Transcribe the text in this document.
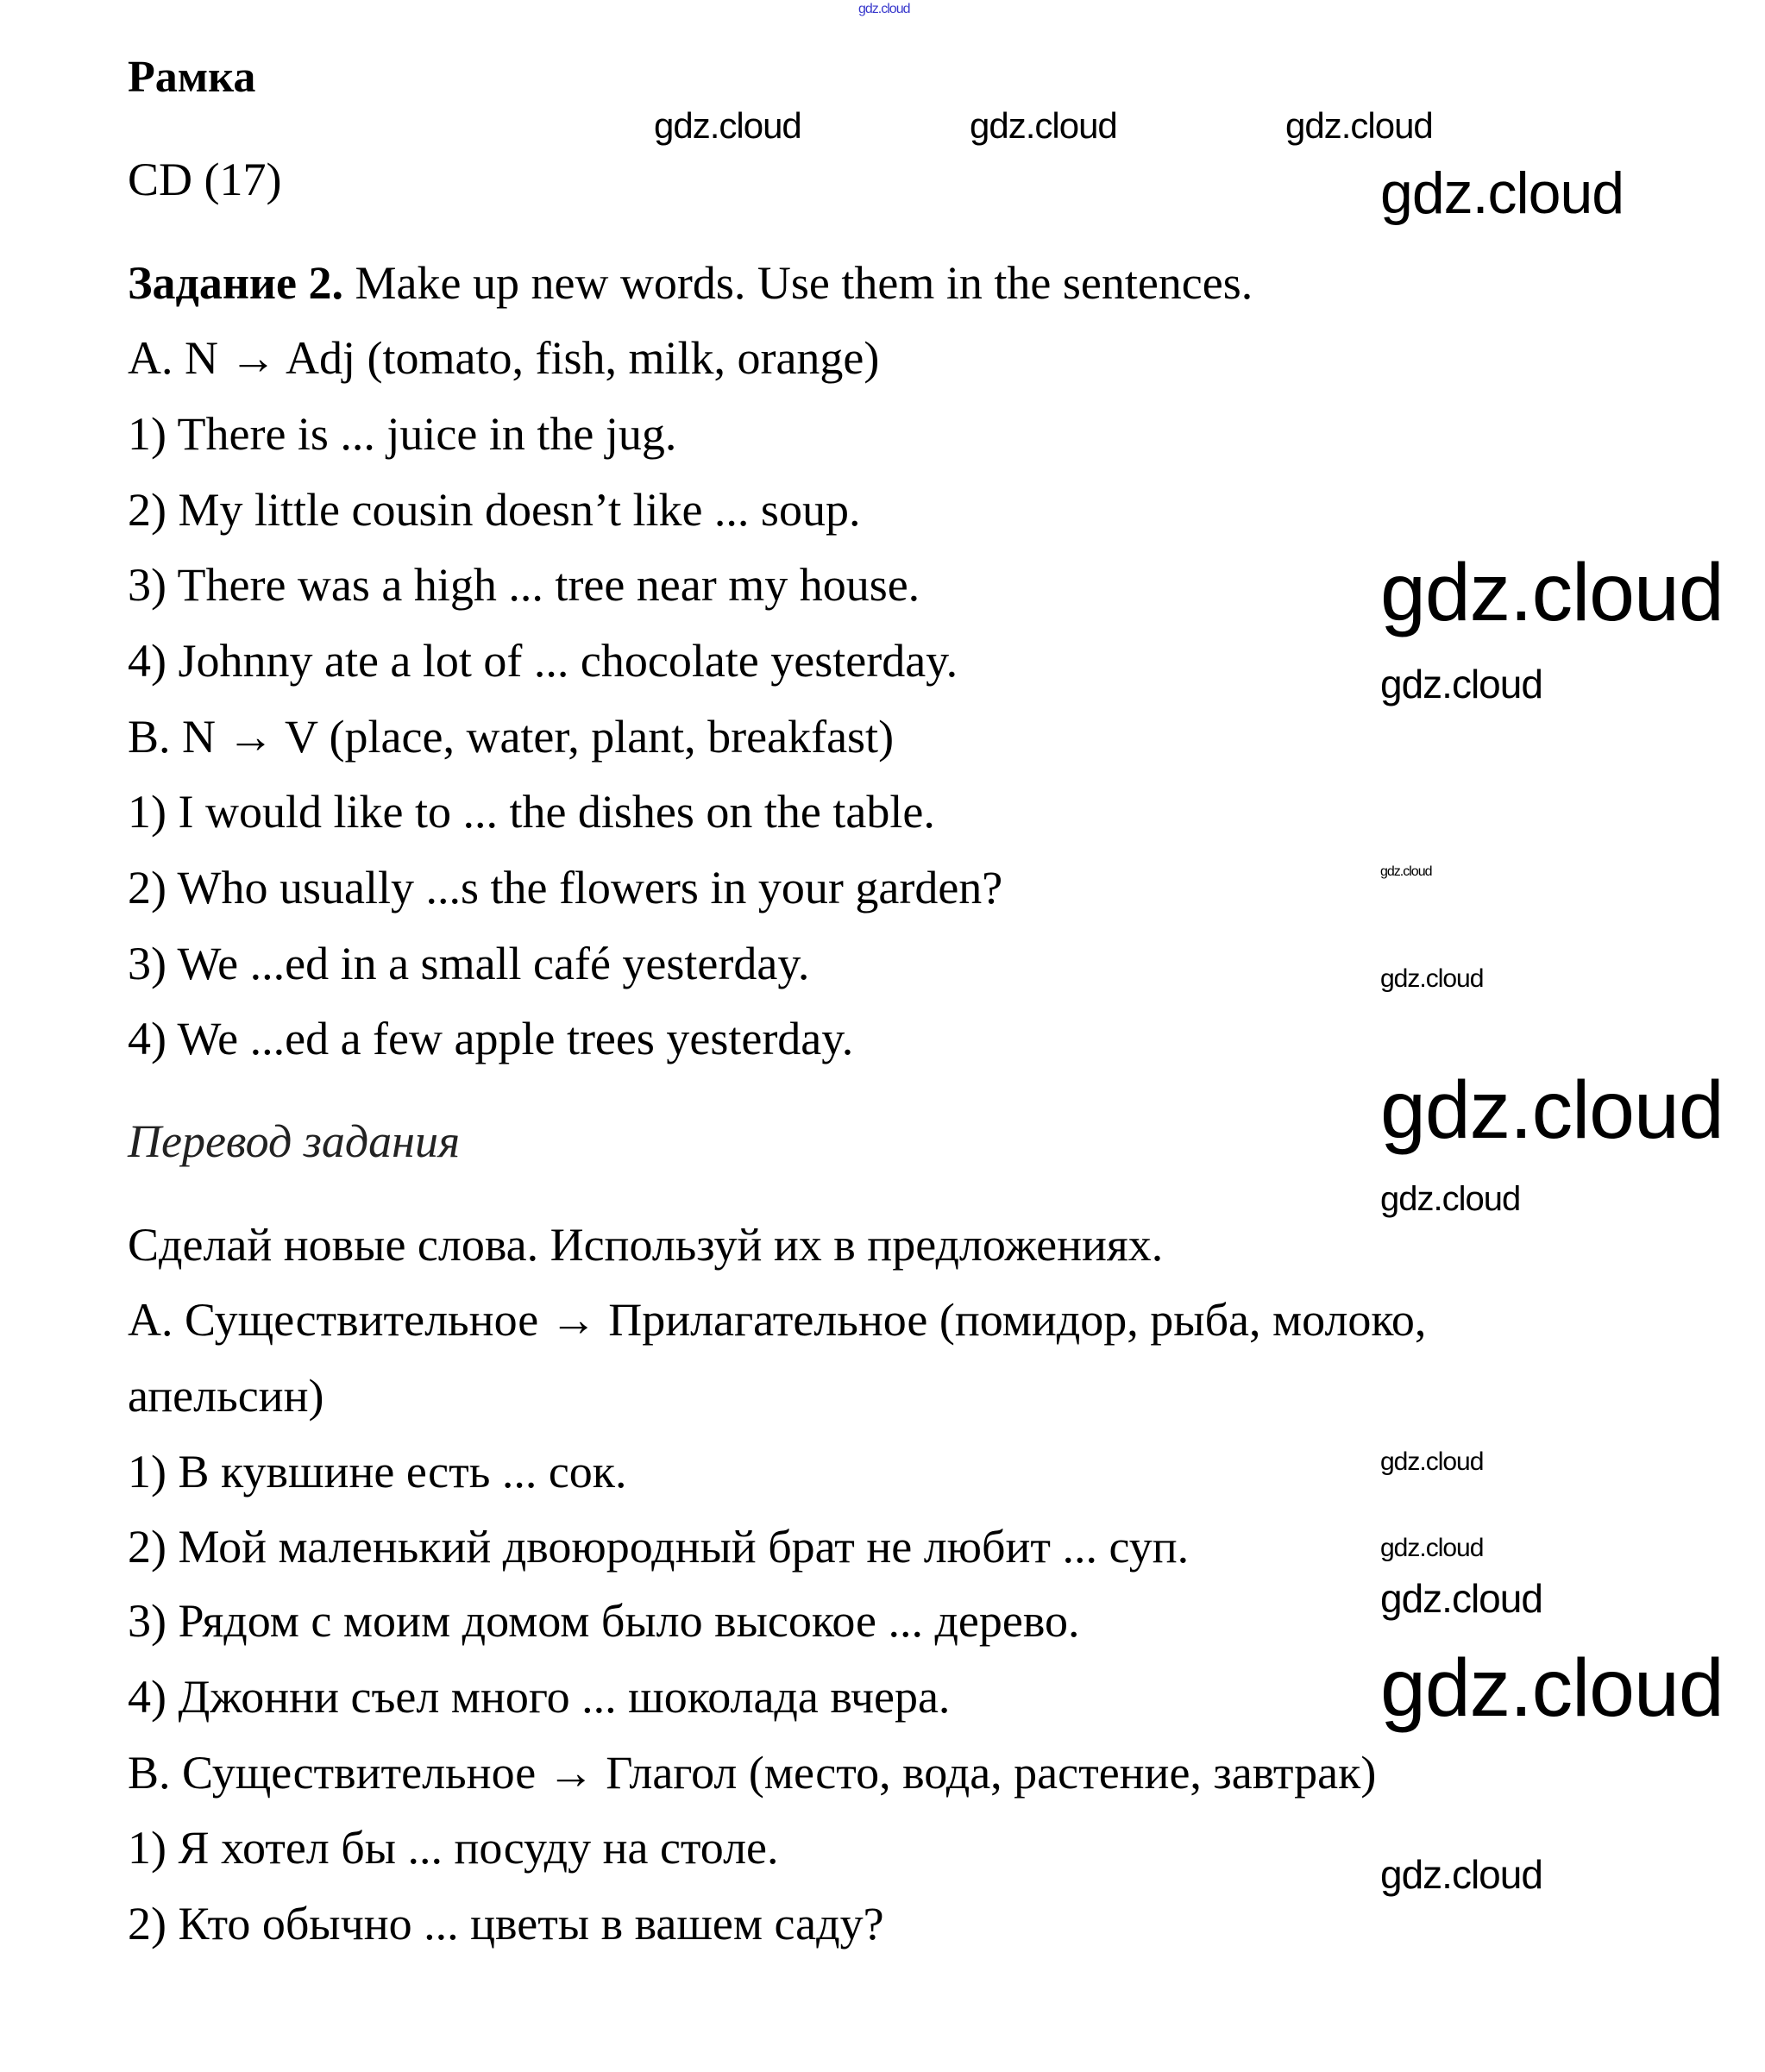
Рамка
CD (17)
Задание 2. Make up new words. Use them in the sentences.
A. N → Adj (tomato, fish, milk, orange)
1) There is ... juice in the jug.
2) My little cousin doesn’t like ... soup.
3) There was a high ... tree near my house.
4) Johnny ate a lot of ... chocolate yesterday.
B. N → V (place, water, plant, breakfast)
1) I would like to ... the dishes on the table.
2) Who usually ...s the flowers in your garden?
3) We ...ed in a small café yesterday.
4) We ...ed a few apple trees yesterday.
Перевод задания
Сделай новые слова. Используй их в предложениях.
А. Существительное → Прилагательное (помидор, рыба, молоко,
апельсин)
1) В кувшине есть ... сок.
2) Мой маленький двоюродный брат не любит ... суп.
3) Рядом с моим домом было высокое ... дерево.
4) Джонни съел много ... шоколада вчера.
B. Существительное → Глагол (место, вода, растение, завтрак)
1) Я хотел бы ... посуду на столе.
2) Кто обычно ... цветы в вашем саду?
gdz.cloud
gdz.cloud	gdz.cloud	gdz.cloud
gdz.cloud
gdz.cloud
gdz.cloud
gdz.cloud
gdz.cloud
gdz.cloud
gdz.cloud
gdz.cloud
gdz.cloud
gdz.cloud
gdz.cloud
gdz.cloud
